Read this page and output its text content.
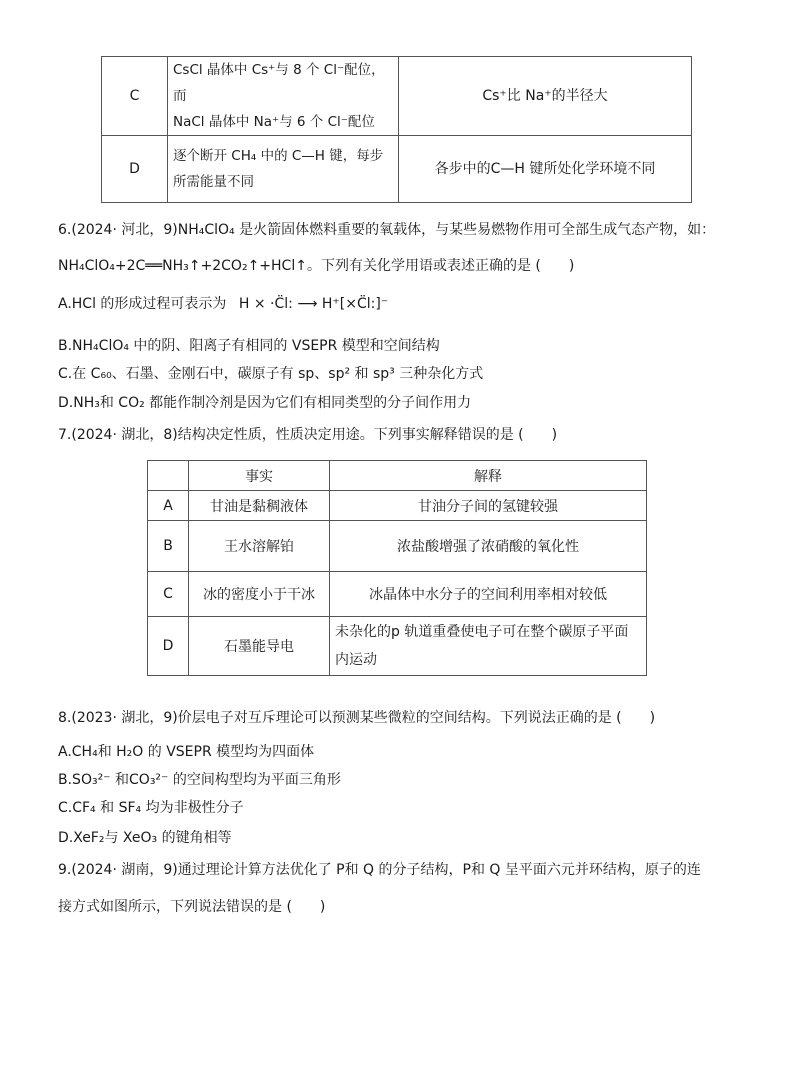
C	CsCl 晶体中 Cs⁺与 8 个 Cl⁻配位，而
NaCl 晶体中 Na⁺与 6 个 Cl⁻配位	Cs⁺比 Na⁺的半径大
D	逐个断开 CH₄ 中的 C—H 键，每步
所需能量不同	各步中的C—H 键所处化学环境不同
6.(2024· 河北，9)NH₄ClO₄ 是火箭固体燃料重要的氧载体，与某些易燃物作用可全部生成气态产物，如：
NH₄ClO₄+2C══NH₃↑+2CO₂↑+HCl↑。下列有关化学用语或表述正确的是 (　　)
A.HCl 的形成过程可表示为 H × ·C̈l: ⟶ H⁺[×C̈l:]⁻
B.NH₄ClO₄ 中的阴、阳离子有相同的 VSEPR 模型和空间结构
C.在 C₆₀、石墨、金刚石中，碳原子有 sp、sp² 和 sp³ 三种杂化方式
D.NH₃和 CO₂ 都能作制冷剂是因为它们有相同类型的分子间作用力
7.(2024· 湖北，8)结构决定性质，性质决定用途。下列事实解释错误的是 (　　)
	事实	解释
A	甘油是黏稠液体	甘油分子间的氢键较强
B	王水溶解铂	浓盐酸增强了浓硝酸的氧化性
C	冰的密度小于干冰	冰晶体中水分子的空间利用率相对较低
D	石墨能导电	未杂化的p 轨道重叠使电子可在整个碳原子平面
内运动
8.(2023· 湖北，9)价层电子对互斥理论可以预测某些微粒的空间结构。下列说法正确的是 (　　)
A.CH₄和 H₂O 的 VSEPR 模型均为四面体
B.SO₃²⁻ 和CO₃²⁻ 的空间构型均为平面三角形
C.CF₄ 和 SF₄ 均为非极性分子
D.XeF₂与 XeO₃ 的键角相等
9.(2024· 湖南，9)通过理论计算方法优化了 P和 Q 的分子结构，P和 Q 呈平面六元并环结构，原子的连
接方式如图所示，下列说法错误的是 (　　)
